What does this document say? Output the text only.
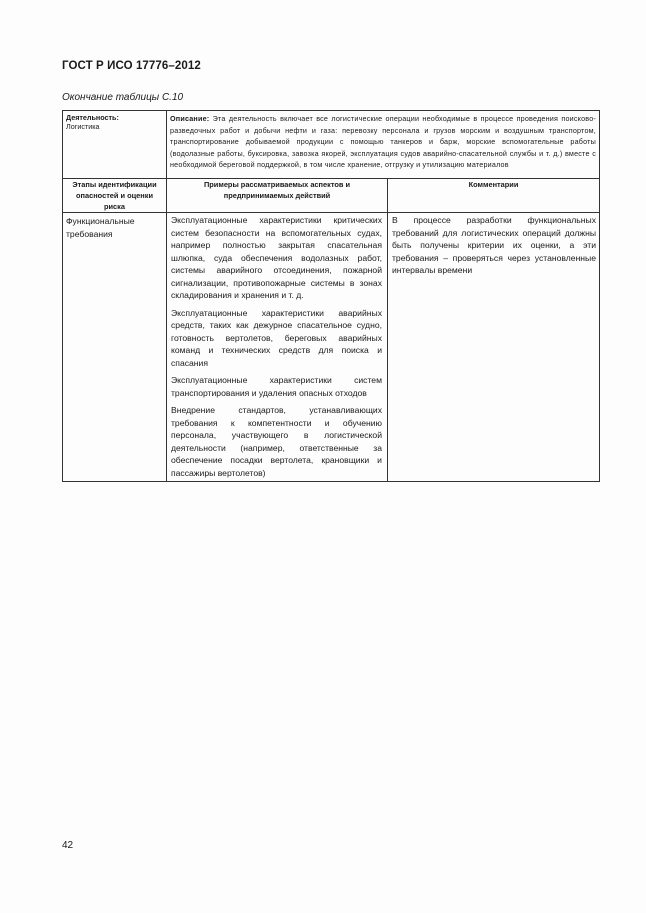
ГОСТ Р ИСО 17776–2012
Окончание таблицы С.10
Деятельность:
Логистика	Описание: Эта деятельность включает все логистические операции необходимые в процессе проведения поисково-разведочных работ и добычи нефти и газа: перевозку персонала и грузов морским и воздушным транспортом, транспортирование добываемой продукции с помощью танкеров и барж, морские вспомогательные работы (водолазные работы, буксировка, завозка якорей, эксплуатация судов аварийно-спасательной службы и т. д.) вместе с необходимой береговой поддержкой, в том числе хранение, отгрузку и утилизацию материалов	
Этапы идентификации опасностей и оценки риска	Примеры рассматриваемых аспектов и предпринимаемых действий	Комментарии
Функциональные требования	Эксплуатационные характеристики критических систем безопасности на вспомогательных судах, например полностью закрытая спасательная шлюпка, суда обеспечения водолазных работ, системы аварийного отсоединения, пожарной сигнализации, противопожарные системы в зонах складирования и хранения и т. д.
Эксплуатационные характеристики аварийных средств, таких как дежурное спасательное судно, готовность вертолетов, береговых аварийных команд и технических средств для поиска и спасания
Эксплуатационные характеристики систем транспортирования и удаления опасных отходов
Внедрение стандартов, устанавливающих требования к компетентности и обучению персонала, участвующего в логистической деятельности (например, ответственные за обеспечение посадки вертолета, крановщики и пассажиры вертолетов)	В процессе разработки функциональных требований для логистических операций должны быть получены критерии их оценки, а эти требования – проверяться через установленные интервалы времени
42
